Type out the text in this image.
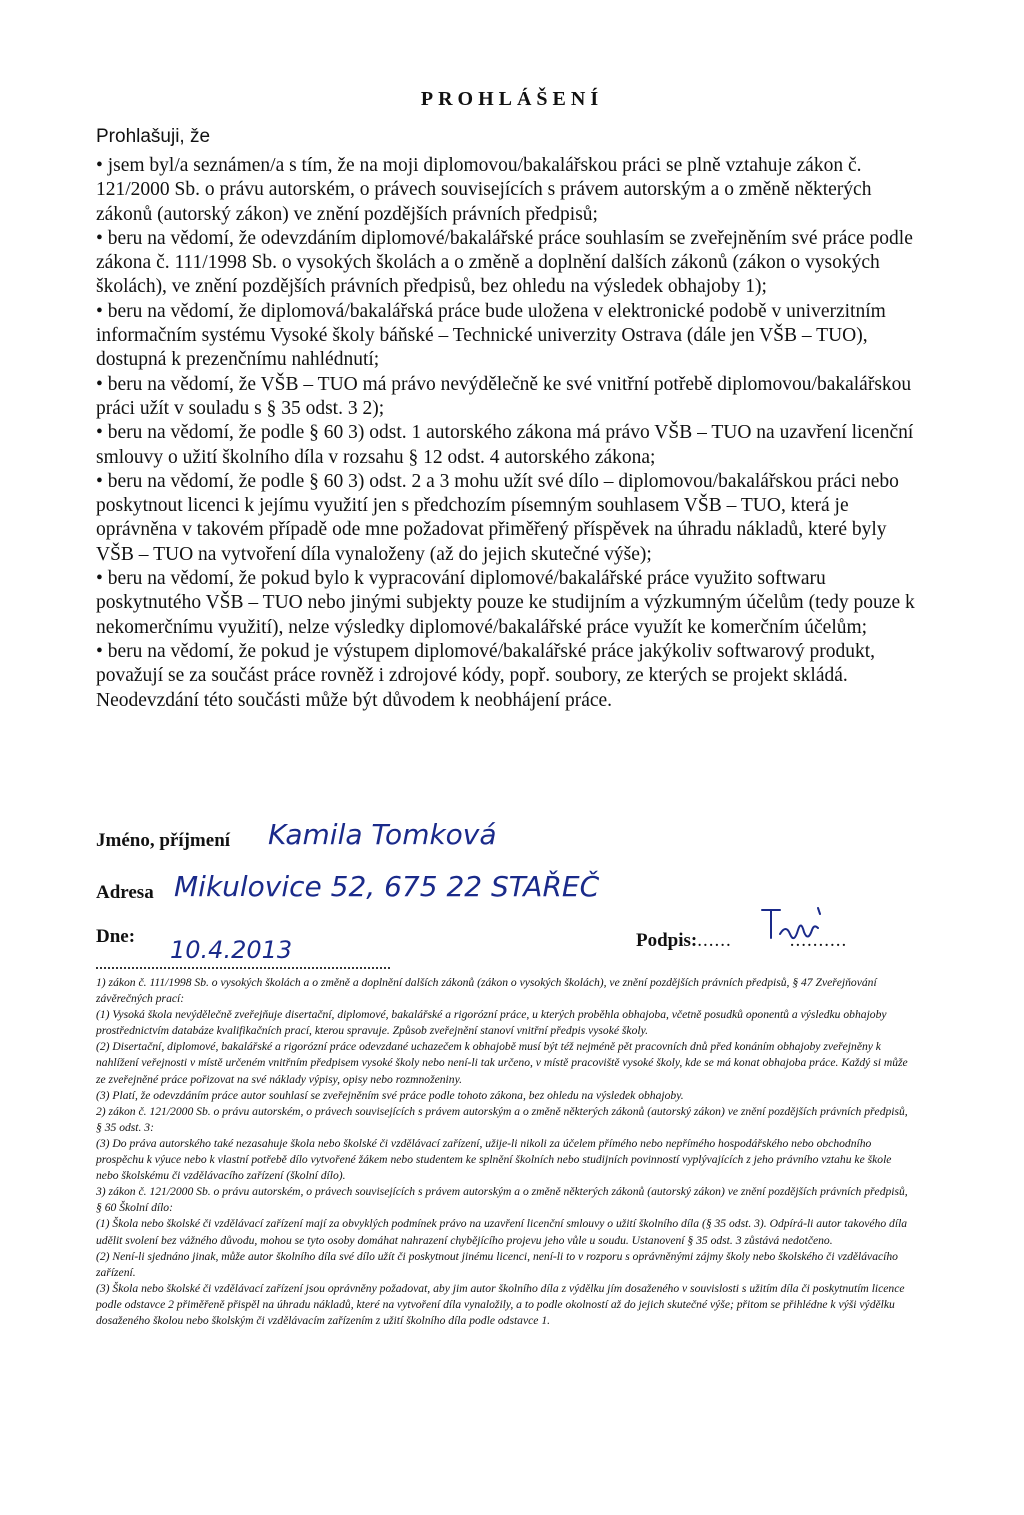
PROHLÁŠENÍ
Prohlašuji, že
• jsem byl/a seznámen/a s tím, že na moji diplomovou/bakalářskou práci se plně vztahuje zákon č. 121/2000 Sb. o právu autorském, o právech souvisejících s právem autorským a o změně některých zákonů (autorský zákon) ve znění pozdějších právních předpisů;
• beru na vědomí, že odevzdáním diplomové/bakalářské práce souhlasím se zveřejněním své práce podle zákona č. 111/1998 Sb. o vysokých školách a o změně a doplnění dalších zákonů (zákon o vysokých školách), ve znění pozdějších právních předpisů, bez ohledu na výsledek obhajoby 1);
• beru na vědomí, že diplomová/bakalářská práce bude uložena v elektronické podobě v univerzitním informačním systému Vysoké školy báňské – Technické univerzity Ostrava (dále jen VŠB – TUO), dostupná k prezenčnímu nahlédnutí;
• beru na vědomí, že VŠB – TUO má právo nevýdělečně ke své vnitřní potřebě diplomovou/bakalářskou práci užít v souladu s § 35 odst. 3 2);
• beru na vědomí, že podle § 60 3) odst. 1 autorského zákona má právo VŠB – TUO na uzavření licenční smlouvy o užití školního díla v rozsahu § 12 odst. 4 autorského zákona;
• beru na vědomí, že podle § 60 3) odst. 2 a 3 mohu užít své dílo – diplomovou/bakalářskou práci nebo poskytnout licenci k jejímu využití jen s předchozím písemným souhlasem VŠB – TUO, která je oprávněna v takovém případě ode mne požadovat přiměřený příspěvek na úhradu nákladů, které byly VŠB – TUO na vytvoření díla vynaloženy (až do jejich skutečné výše);
• beru na vědomí, že pokud bylo k vypracování diplomové/bakalářské práce využito softwaru poskytnutého VŠB – TUO nebo jinými subjekty pouze ke studijním a výzkumným účelům (tedy pouze k nekomerčnímu využití), nelze výsledky diplomové/bakalářské práce využít ke komerčním účelům;
• beru na vědomí, že pokud je výstupem diplomové/bakalářské práce jakýkoliv softwarový produkt, považují se za součást práce rovněž i zdrojové kódy, popř. soubory, ze kterých se projekt skládá. Neodevzdání této součásti může být důvodem k neobhájení práce.
Jméno, příjmení Kamila Tomková
Adresa Mikulovice 52, 675 22 STAŘEČ
Dne: 10.4.2013	Podpis:......	..........

1) zákon č. 111/1998 Sb. o vysokých školách a o změně a doplnění dalších zákonů (zákon o vysokých školách), ve znění pozdějších právních předpisů, § 47 Zveřejňování závěrečných prací:

(1) Vysoká škola nevýdělečně zveřejňuje disertační, diplomové, bakalářské a rigorózní práce, u kterých proběhla obhajoba, včetně posudků oponentů a výsledku obhajoby prostřednictvím databáze kvalifikačních prací, kterou spravuje. Způsob zveřejnění stanoví vnitřní předpis vysoké školy.

(2) Disertační, diplomové, bakalářské a rigorózní práce odevzdané uchazečem k obhajobě musí být též nejméně pět pracovních dnů před konáním obhajoby zveřejněny k nahlížení veřejnosti v místě určeném vnitřním předpisem vysoké školy nebo není-li tak určeno, v místě pracoviště vysoké školy, kde se má konat obhajoba práce. Každý si může ze zveřejněné práce pořizovat na své náklady výpisy, opisy nebo rozmnoženiny.

(3) Platí, že odevzdáním práce autor souhlasí se zveřejněním své práce podle tohoto zákona, bez ohledu na výsledek obhajoby.

2) zákon č. 121/2000 Sb. o právu autorském, o právech souvisejících s právem autorským a o změně některých zákonů (autorský zákon) ve znění pozdějších právních předpisů, § 35 odst. 3:

(3) Do práva autorského také nezasahuje škola nebo školské či vzdělávací zařízení, užije-li nikoli za účelem přímého nebo nepřímého hospodářského nebo obchodního prospěchu k výuce nebo k vlastní potřebě dílo vytvořené žákem nebo studentem ke splnění školních nebo studijních povinností vyplývajících z jeho právního vztahu ke škole nebo školskému či vzdělávacího zařízení (školní dílo).

3) zákon č. 121/2000 Sb. o právu autorském, o právech souvisejících s právem autorským a o změně některých zákonů (autorský zákon) ve znění pozdějších právních předpisů, § 60 Školní dílo:

(1) Škola nebo školské či vzdělávací zařízení mají za obvyklých podmínek právo na uzavření licenční smlouvy o užití školního díla (§ 35 odst. 3). Odpírá-li autor takového díla udělit svolení bez vážného důvodu, mohou se tyto osoby domáhat nahrazení chybějícího projevu jeho vůle u soudu. Ustanovení § 35 odst. 3 zůstává nedotčeno.

(2) Není-li sjednáno jinak, může autor školního díla své dílo užít či poskytnout jinému licenci, není-li to v rozporu s oprávněnými zájmy školy nebo školského či vzdělávacího zařízení.

(3) Škola nebo školské či vzdělávací zařízení jsou oprávněny požadovat, aby jim autor školního díla z výdělku jím dosaženého v souvislosti s užitím díla či poskytnutím licence podle odstavce 2 přiměřeně přispěl na úhradu nákladů, které na vytvoření díla vynaložily, a to podle okolností až do jejich skutečné výše; přitom se přihlédne k výši výdělku dosaženého školou nebo školským či vzdělávacím zařízením z užití školního díla podle odstavce 1.
